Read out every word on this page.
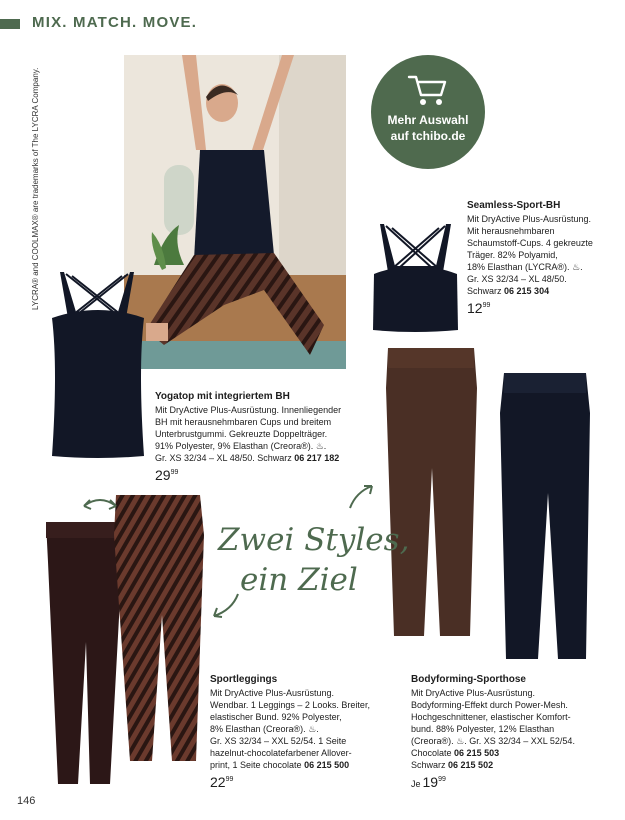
MIX. MATCH. MOVE.
LYCRA® and COOLMAX® are trademarks of The LYCRA Company.	Mehr Auswahl
auf tchibo.de
Zwei Styles,
ein Ziel
Seamless-Sport-BH
Mit DryActive Plus-Ausrüstung.
Mit herausnehmbaren
Schaumstoff-Cups. 4 gekreuzte
Träger. 82% Polyamid,
18% Elasthan (LYCRA®). ♨.
Gr. XS 32/34 – XL 48/50.
Schwarz 06 215 304
$12^{99}$
Yogatop mit integriertem BH
Mit DryActive Plus-Ausrüstung. Innenliegender
BH mit herausnehmbaren Cups und breitem
Unterbrustgummi. Gekreuzte Doppelträger.
91% Polyester, 9% Elasthan (Creora®). ♨.
Gr. XS 32/34 – XL 48/50. Schwarz 06 217 182
$29^{99}$
Sportleggings
Mit DryActive Plus-Ausrüstung.
Wendbar. 1 Leggings – 2 Looks. Breiter,
elastischer Bund. 92% Polyester,
8% Elasthan (Creora®). ♨.
Gr. XS 32/34 – XXL 52/54. 1 Seite
hazelnut-chocolatefarbener Allover-
print, 1 Seite chocolate 06 215 500
$22^{99}$
Bodyforming-Sporthose
Mit DryActive Plus-Ausrüstung.
Bodyforming-Effekt durch Power-Mesh.
Hochgeschnittener, elastischer Komfort-
bund. 88% Polyester, 12% Elasthan
(Creora®). ♨. Gr. XS 32/34 – XXL 52/54.
Chocolate 06 215 503
Schwarz 06 215 502
Je $19^{99}$
146
